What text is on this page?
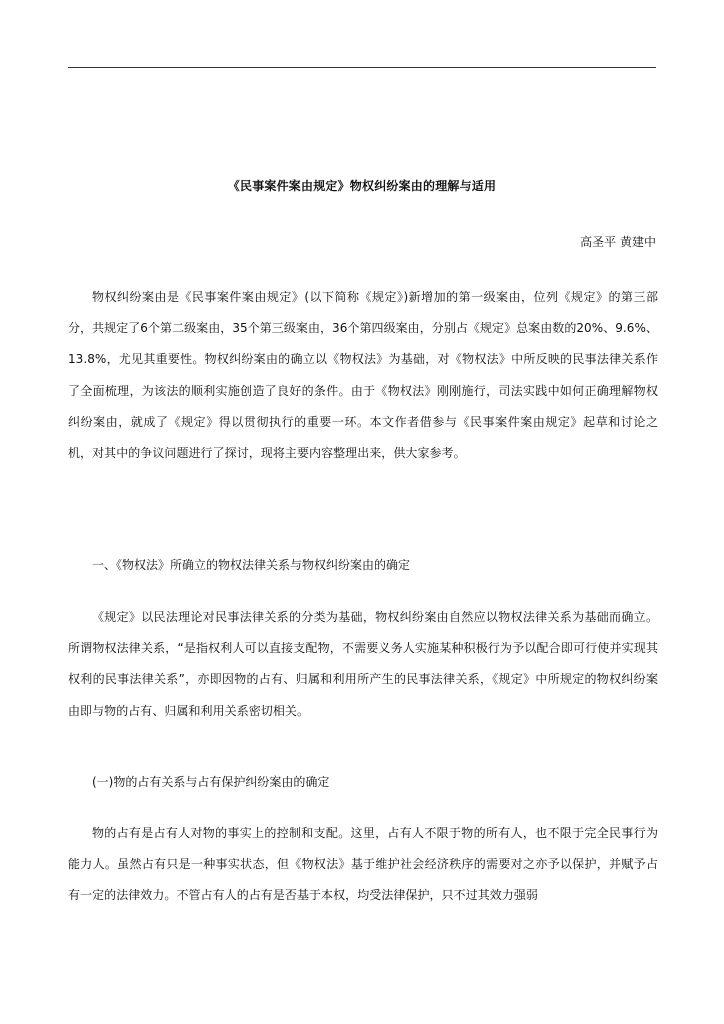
《民事案件案由规定》物权纠纷案由的理解与适用
高圣平 黄建中

物权纠纷案由是《民事案件案由规定》(以下简称《规定》)新增加的第一级案由，位列《规定》的第三部分，共规定了6个第二级案由，35个第三级案由，36个第四级案由，分别占《规定》总案由数的20%、9.6%、13.8%，尤见其重要性。物权纠纷案由的确立以《物权法》为基础，对《物权法》中所反映的民事法律关系作了全面梳理，为该法的顺利实施创造了良好的条件。由于《物权法》刚刚施行，司法实践中如何正确理解物权纠纷案由，就成了《规定》得以贯彻执行的重要一环。本文作者借参与《民事案件案由规定》起草和讨论之机，对其中的争议问题进行了探讨，现将主要内容整理出来，供大家参考。

一、《物权法》所确立的物权法律关系与物权纠纷案由的确定

《规定》以民法理论对民事法律关系的分类为基础，物权纠纷案由自然应以物权法律关系为基础而确立。所谓物权法律关系，“是指权利人可以直接支配物，不需要义务人实施某种积极行为予以配合即可行使并实现其权利的民事法律关系”，亦即因物的占有、归属和利用所产生的民事法律关系，《规定》中所规定的物权纠纷案由即与物的占有、归属和利用关系密切相关。

(一)物的占有关系与占有保护纠纷案由的确定

物的占有是占有人对物的事实上的控制和支配。这里，占有人不限于物的所有人，也不限于完全民事行为能力人。虽然占有只是一种事实状态，但《物权法》基于维护社会经济秩序的需要对之亦予以保护，并赋予占有一定的法律效力。不管占有人的占有是否基于本权，均受法律保护，只不过其效力强弱
